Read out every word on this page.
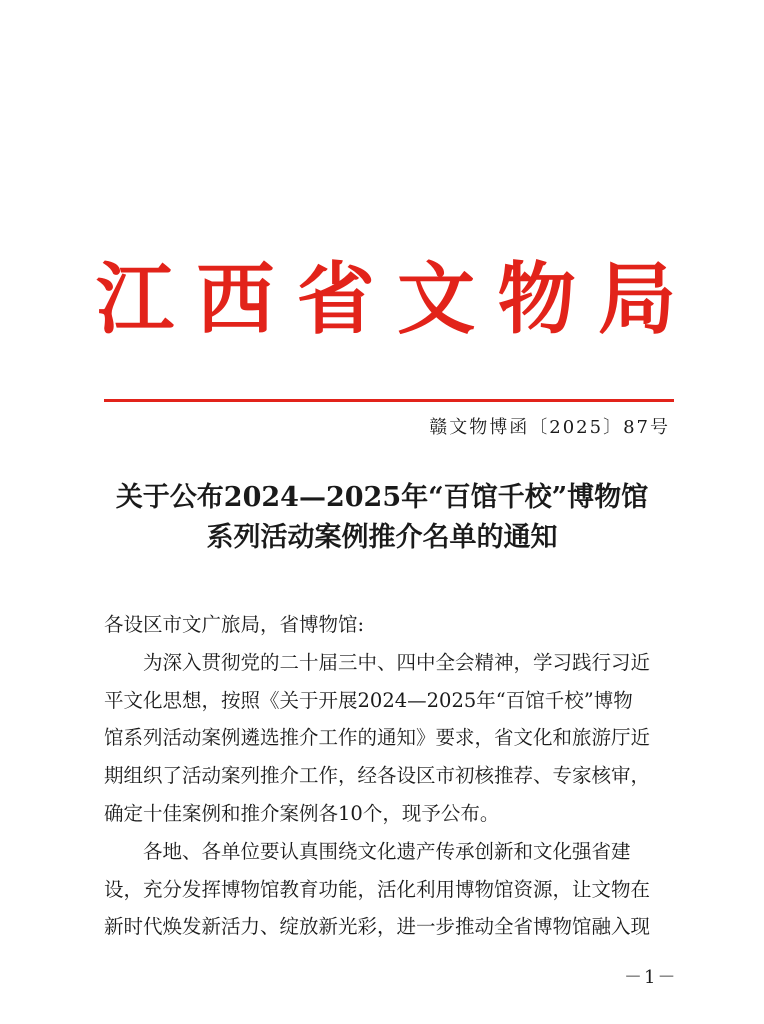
江 西 省 文 物 局
赣文物博函〔2025〕87号
关于公布2024—2025年“百馆千校”博物馆
系列活动案例推介名单的通知
各设区市文广旅局，省博物馆:
为深入贯彻党的二十届三中、四中全会精神，学习践行习近
平文化思想，按照《关于开展2024—2025年“百馆千校”博物
馆系列活动案例遴选推介工作的通知》要求，省文化和旅游厅近
期组织了活动案列推介工作，经各设区市初核推荐、专家核审，
确定十佳案例和推介案例各10个，现予公布。
各地、各单位要认真围绕文化遗产传承创新和文化强省建
设，充分发挥博物馆教育功能，活化利用博物馆资源，让文物在
新时代焕发新活力、绽放新光彩，进一步推动全省博物馆融入现
－1－
